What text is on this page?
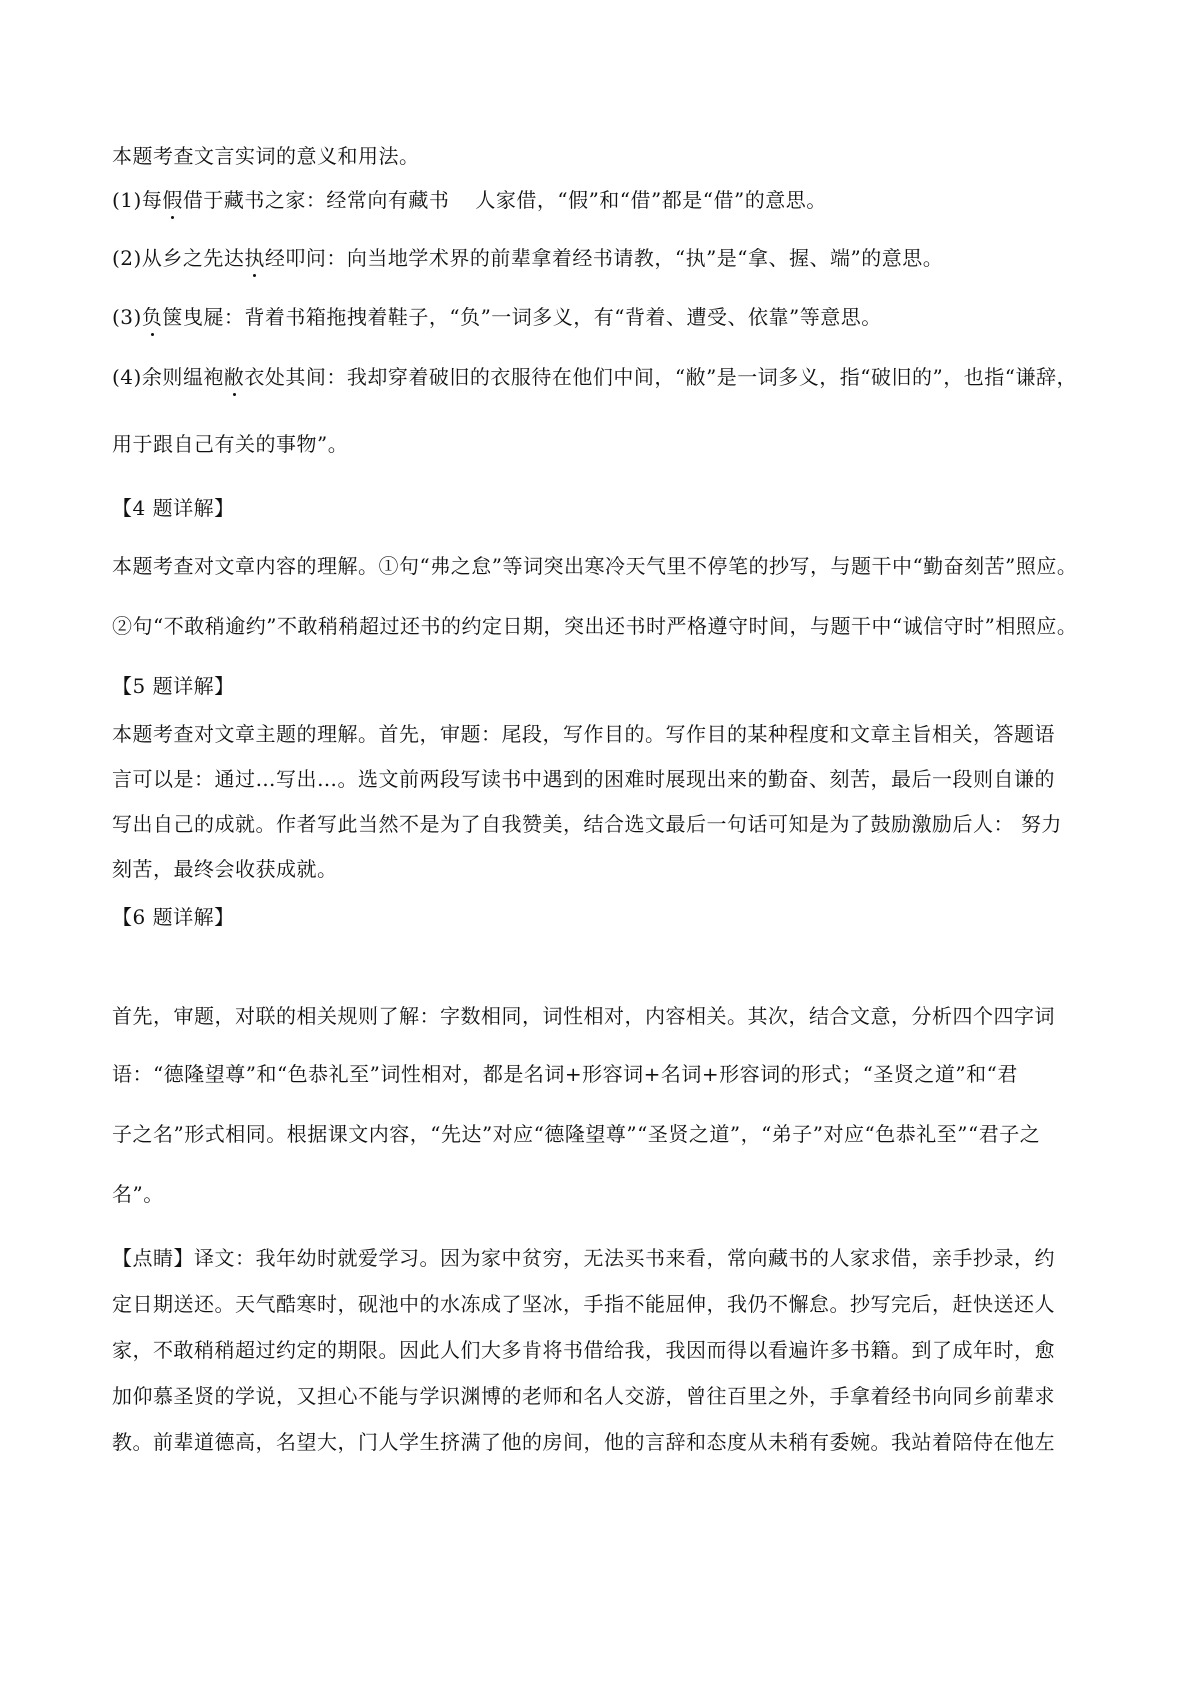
本题考查文言实词的意义和用法。
(1)每假借于藏书之家：经常向有藏书 人家借，“假”和“借”都是“借”的意思。
(2)从乡之先达执经叩问：向当地学术界的前辈拿着经书请教，“执”是“拿、握、端”的意思。
(3)负箧曳屣：背着书箱拖拽着鞋子，“负”一词多义，有“背着、遭受、依靠”等意思。
(4)余则缊袍敝衣处其间：我却穿着破旧的衣服待在他们中间，“敝”是一词多义，指“破旧的”，也指“谦辞，
用于跟自己有关的事物”。
【4 题详解】
本题考查对文章内容的理解。①句“弗之怠”等词突出寒冷天气里不停笔的抄写，与题干中“勤奋刻苦”照应。
②句“不敢稍逾约”不敢稍稍超过还书的约定日期，突出还书时严格遵守时间，与题干中“诚信守时”相照应。
【5 题详解】
本题考查对文章主题的理解。首先，审题：尾段，写作目的。写作目的某种程度和文章主旨相关，答题语
言可以是：通过…写出…。选文前两段写读书中遇到的困难时展现出来的勤奋、刻苦，最后一段则自谦的
写出自己的成就。作者写此当然不是为了自我赞美，结合选文最后一句话可知是为了鼓励激励后人： 努力
刻苦，最终会收获成就。
【6 题详解】
首先，审题，对联的相关规则了解：字数相同，词性相对，内容相关。其次，结合文意，分析四个四字词
语：“德隆望尊”和“色恭礼至”词性相对，都是名词+形容词+名词+形容词的形式；“圣贤之道”和“君
子之名”形式相同。根据课文内容，“先达”对应“德隆望尊”“圣贤之道”，“弟子”对应“色恭礼至”“君子之
名”。
【点睛】译文：我年幼时就爱学习。因为家中贫穷，无法买书来看，常向藏书的人家求借，亲手抄录，约
定日期送还。天气酷寒时，砚池中的水冻成了坚冰，手指不能屈伸，我仍不懈怠。抄写完后，赶快送还人
家，不敢稍稍超过约定的期限。因此人们大多肯将书借给我，我因而得以看遍许多书籍。到了成年时，愈
加仰慕圣贤的学说，又担心不能与学识渊博的老师和名人交游，曾往百里之外，手拿着经书向同乡前辈求
教。前辈道德高，名望大，门人学生挤满了他的房间，他的言辞和态度从未稍有委婉。我站着陪侍在他左
